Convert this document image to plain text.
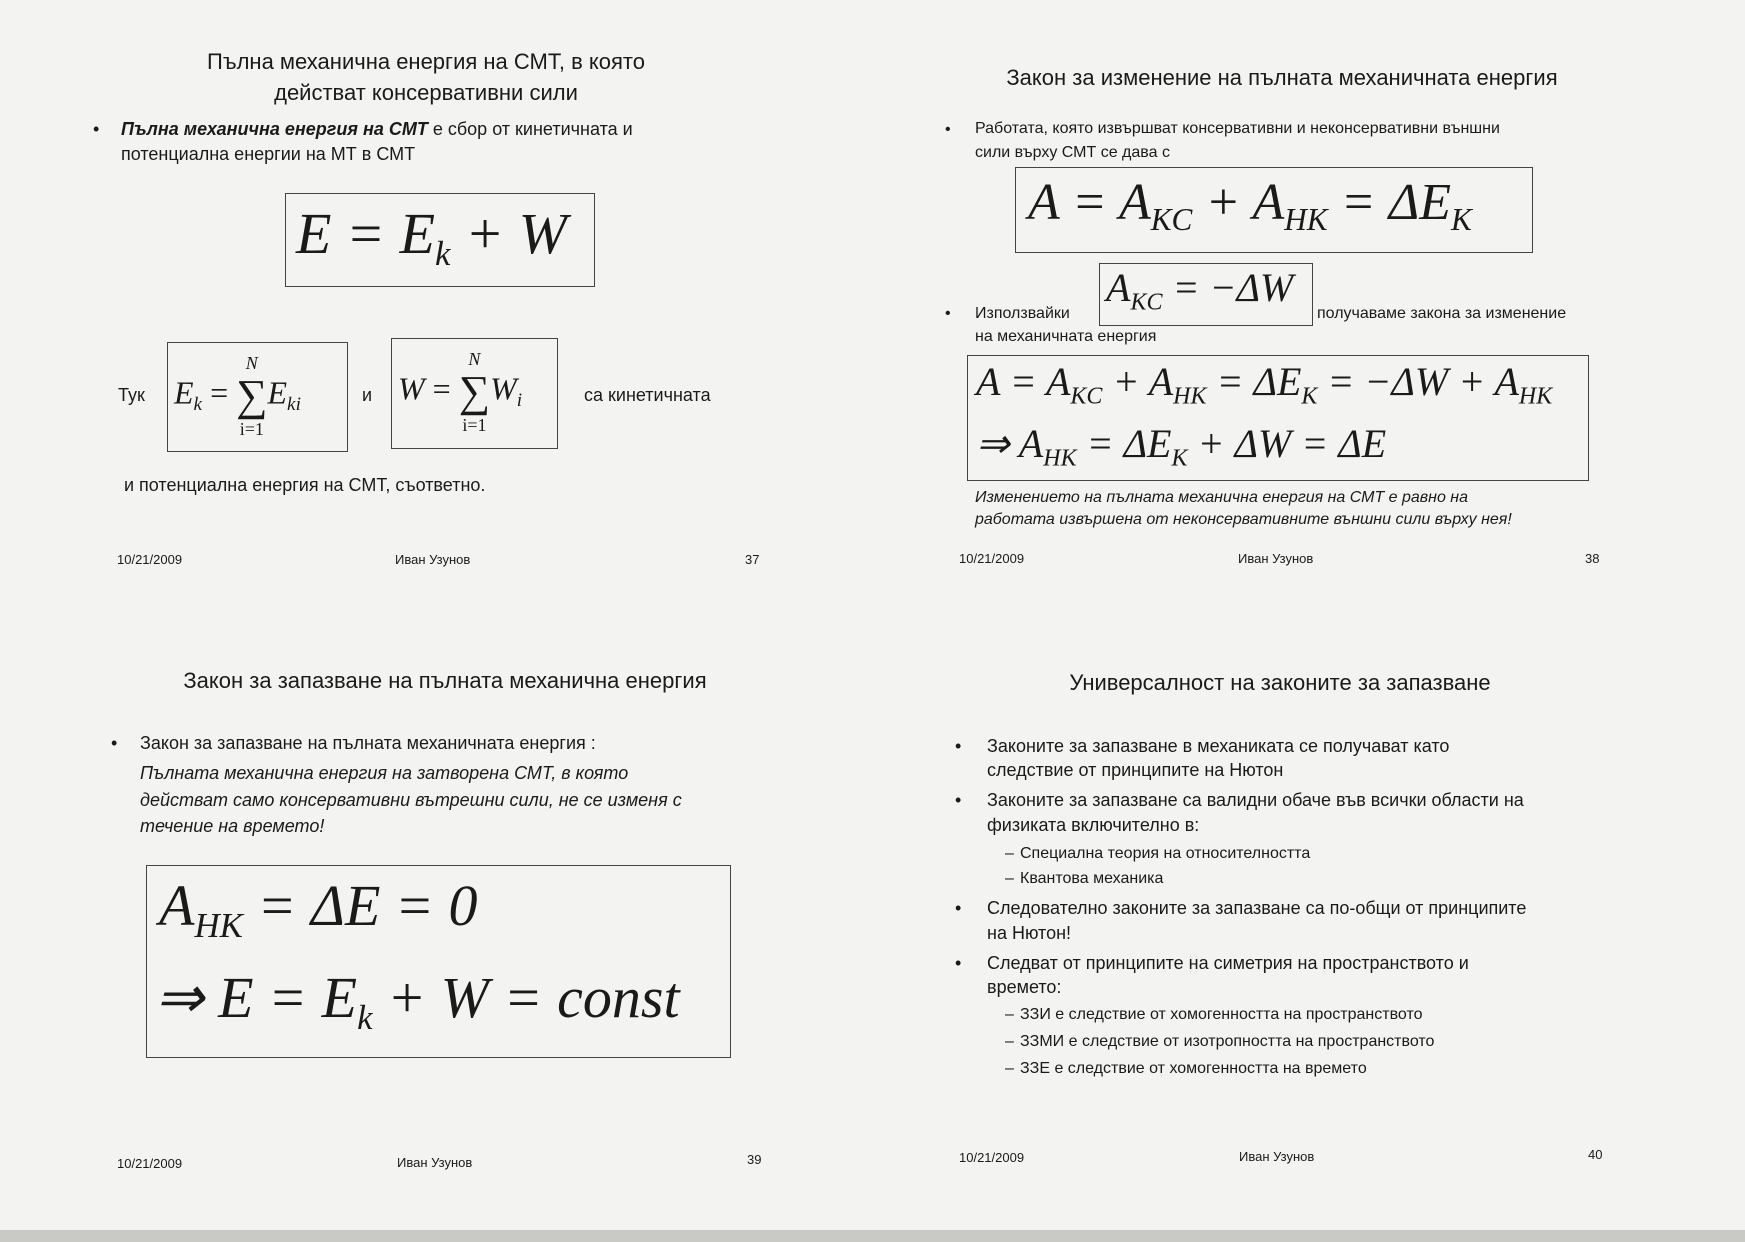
Пълна механична енергия на СМТ, в която
действат консервативни сили
• Пълна механична енергия на СМТ е сбор от кинетичната и
потенциална енергии на МТ в СМТ
$E = E_k + W$
Тук $E_k$ =
N
∑
i=1
$E_{ki}$	и W =
N
∑
i=1
$W_i$	са кинетичната
и потенциална енергия на СМТ, съответно.
10/21/2009	Иван Узунов	37
Закон за изменение на пълната механичната енергия
• Работата, която извършват консервативни и неконсервативни външни
сили върху СМТ се дава с
$A = A_{KC} + A_{HK} = \Delta E_K$
$A_{KC} = -\Delta W$
• Използвайки	получаваме закона за изменение
на механичната енергия
$A = A_{KC} + A_{HK} = \Delta E_K = -\Delta W + A_{HK}$
⇒ $A_{HK} = \Delta E_K + \Delta W = \Delta E$
Изменението на пълната механична енергия на СМТ е равно на
работата извършена от неконсервативните външни сили върху нея!
10/21/2009	Иван Узунов	38
Закон за запазване на пълната механична енергия
• Закон за запазване на пълната механичната енергия :
Пълната механична енергия на затворена СМТ, в която
действат само консервативни вътрешни сили, не се изменя с
течение на времето!
$A_{HK} = \Delta E = 0$
⇒ $E = E_k + W$ = const
10/21/2009	Иван Узунов	39
Универсалност на законите за запазване
• Законите за запазване в механиката се получават като
следствие от принципите на Нютон
• Законите за запазване са валидни обаче във всички области на
физиката включително в:
– Специална теория на относителността
– Квантова механика
• Следователно законите за запазване са по-общи от принципите
на Нютон!
• Следват от принципите на симетрия на пространството и
времето:
– ЗЗИ е следствие от хомогенността на пространството
– ЗЗМИ е следствие от изотропността на пространството
– ЗЗЕ е следствие от хомогенността на времето
10/21/2009	Иван Узунов	40
